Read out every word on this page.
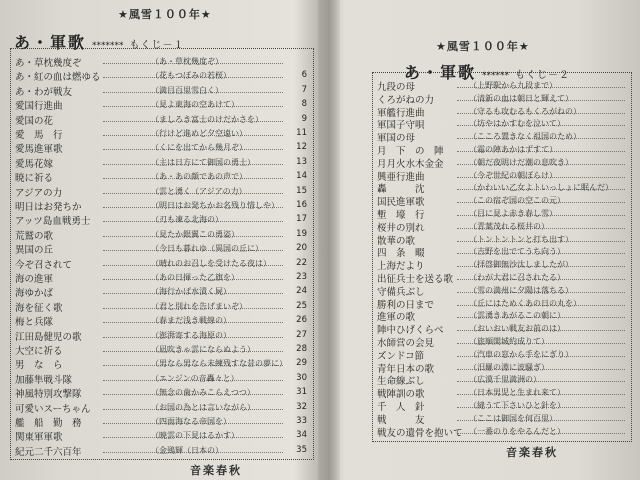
★風雪１００年★
あ・軍歌 ******* もくじ－１
あ・草枕幾度ぞ	（あ・草枕幾度ぞ）
あ・紅の血は燃ゆる	（花もつぼみの若桜）	6
あ・わが戦友	（満目百里雪白く）	7
愛国行進曲	（見よ東海の空あけて）	8
愛国の花	（ましろき富士のけだかさを）	9
愛　馬　行	（行けど進めど夕空遠い）	11
愛馬進軍歌	（くにを出てから幾月ぞ）	12
愛馬花嫁	（主は日方にて御国の勇士）	13
暁に祈る	（あ・あの顔であの声で）	14
アジアの力	（雲と湧く（アジアの力）	15
明日はお発ちか	（明日はお発ちかお名残り惜しや）	16
アッツ島血戦勇士	（刃も凍る北海の）	17
荒鷲の歌	（見たか銀翼この勇姿）	19
異国の丘	（今日も暮れゆ（異国の丘に）	20
今ぞ召されて	（晴れのお召しを受けたる夜は）	22
海の進軍	（あの日揮った乙旗を）	23
海ゆかば	（海行かば水漬く屍）	24
海を征く歌	（君と別れを告げまいぞ）	25
梅と兵隊	（春まだ浅き戦線の）	26
江田島健児の歌	（澎湃寄する海原の）	27
大空に祈る	（凪吹きゃ雲にならぬよう）	28
男　な　ら	（男なら男なら未練残すな昔の夢に）	29
加藤隼戦斗隊	（エンジンの音轟々と）	30
神風特別攻撃隊	（無念の歯かみこらえつつ）	31
可愛いスーちゃん	（お国の為とは言いながら）	32
艦　船　勤　務	（四面海なる帝国を）	33
関東軍軍歌	（暁雲の下見はるかす）	34
紀元二千六百年	（金鵄輝（日本の）	35
音楽春秋
★風雪１００年★
あ・軍歌 ****** もくじ－２
九段の母	（上野駅から九段まで）
くろがねの力	（清新の血は朝日と輝えて）
軍艦行進曲	（守るも攻むるもくろがねの）
軍国子守唄	（坊やはかすむを泣いて）
軍国の母	（こころ置きなく祖国のため）
月　下　の　陣	（霜の陣あかはずすて）
月月火水木金金	（朝だ夜明けだ潮の息吹き）
興亜行進曲	（今ぞ世紀の朝ぼらけ）
轟　　　沈	（かわいい乙女よトいっしょに眠んだ）
国民進軍歌	（この宿ぞ国の空この元）
塹　壕　行	（目に見よ赤き春し雪）
桜井の別れ	（青葉茂れる桜井の）
散華の歌	（トントントンと打ち出す）
四　条　畷	（吉野を出でてうち向う）
上海だより	（拝啓御無沙汰しましたが）
出征兵士を送る歌 （わが大君に召されたる）
守備兵ぶし	（雪の満州に夕陽は落ちる）
勝利の日まで	（丘にはためくあの日の丸を）
進軍の歌	（雲湧きあがるこの朝に）
陣中ひげくらべ	（おいおい戦友お前のは）
水師営の会見	（旅順開城約成りて）
ズンドコ節	（汽車の窓から手をにぎり）
青年日本の歌	（汨羅の淵に波騒ぎ）
生命線ぶし	（広漠千里満洲の）
戦陣訓の歌	（日本男児と生まれ来て）
千　人　針	（縫うて下さいひと針を）
戦　　　友	（ここは御国を何百里）
戦友の遺骨を抱いて （一番のりをやるんだと）
音楽春秋
